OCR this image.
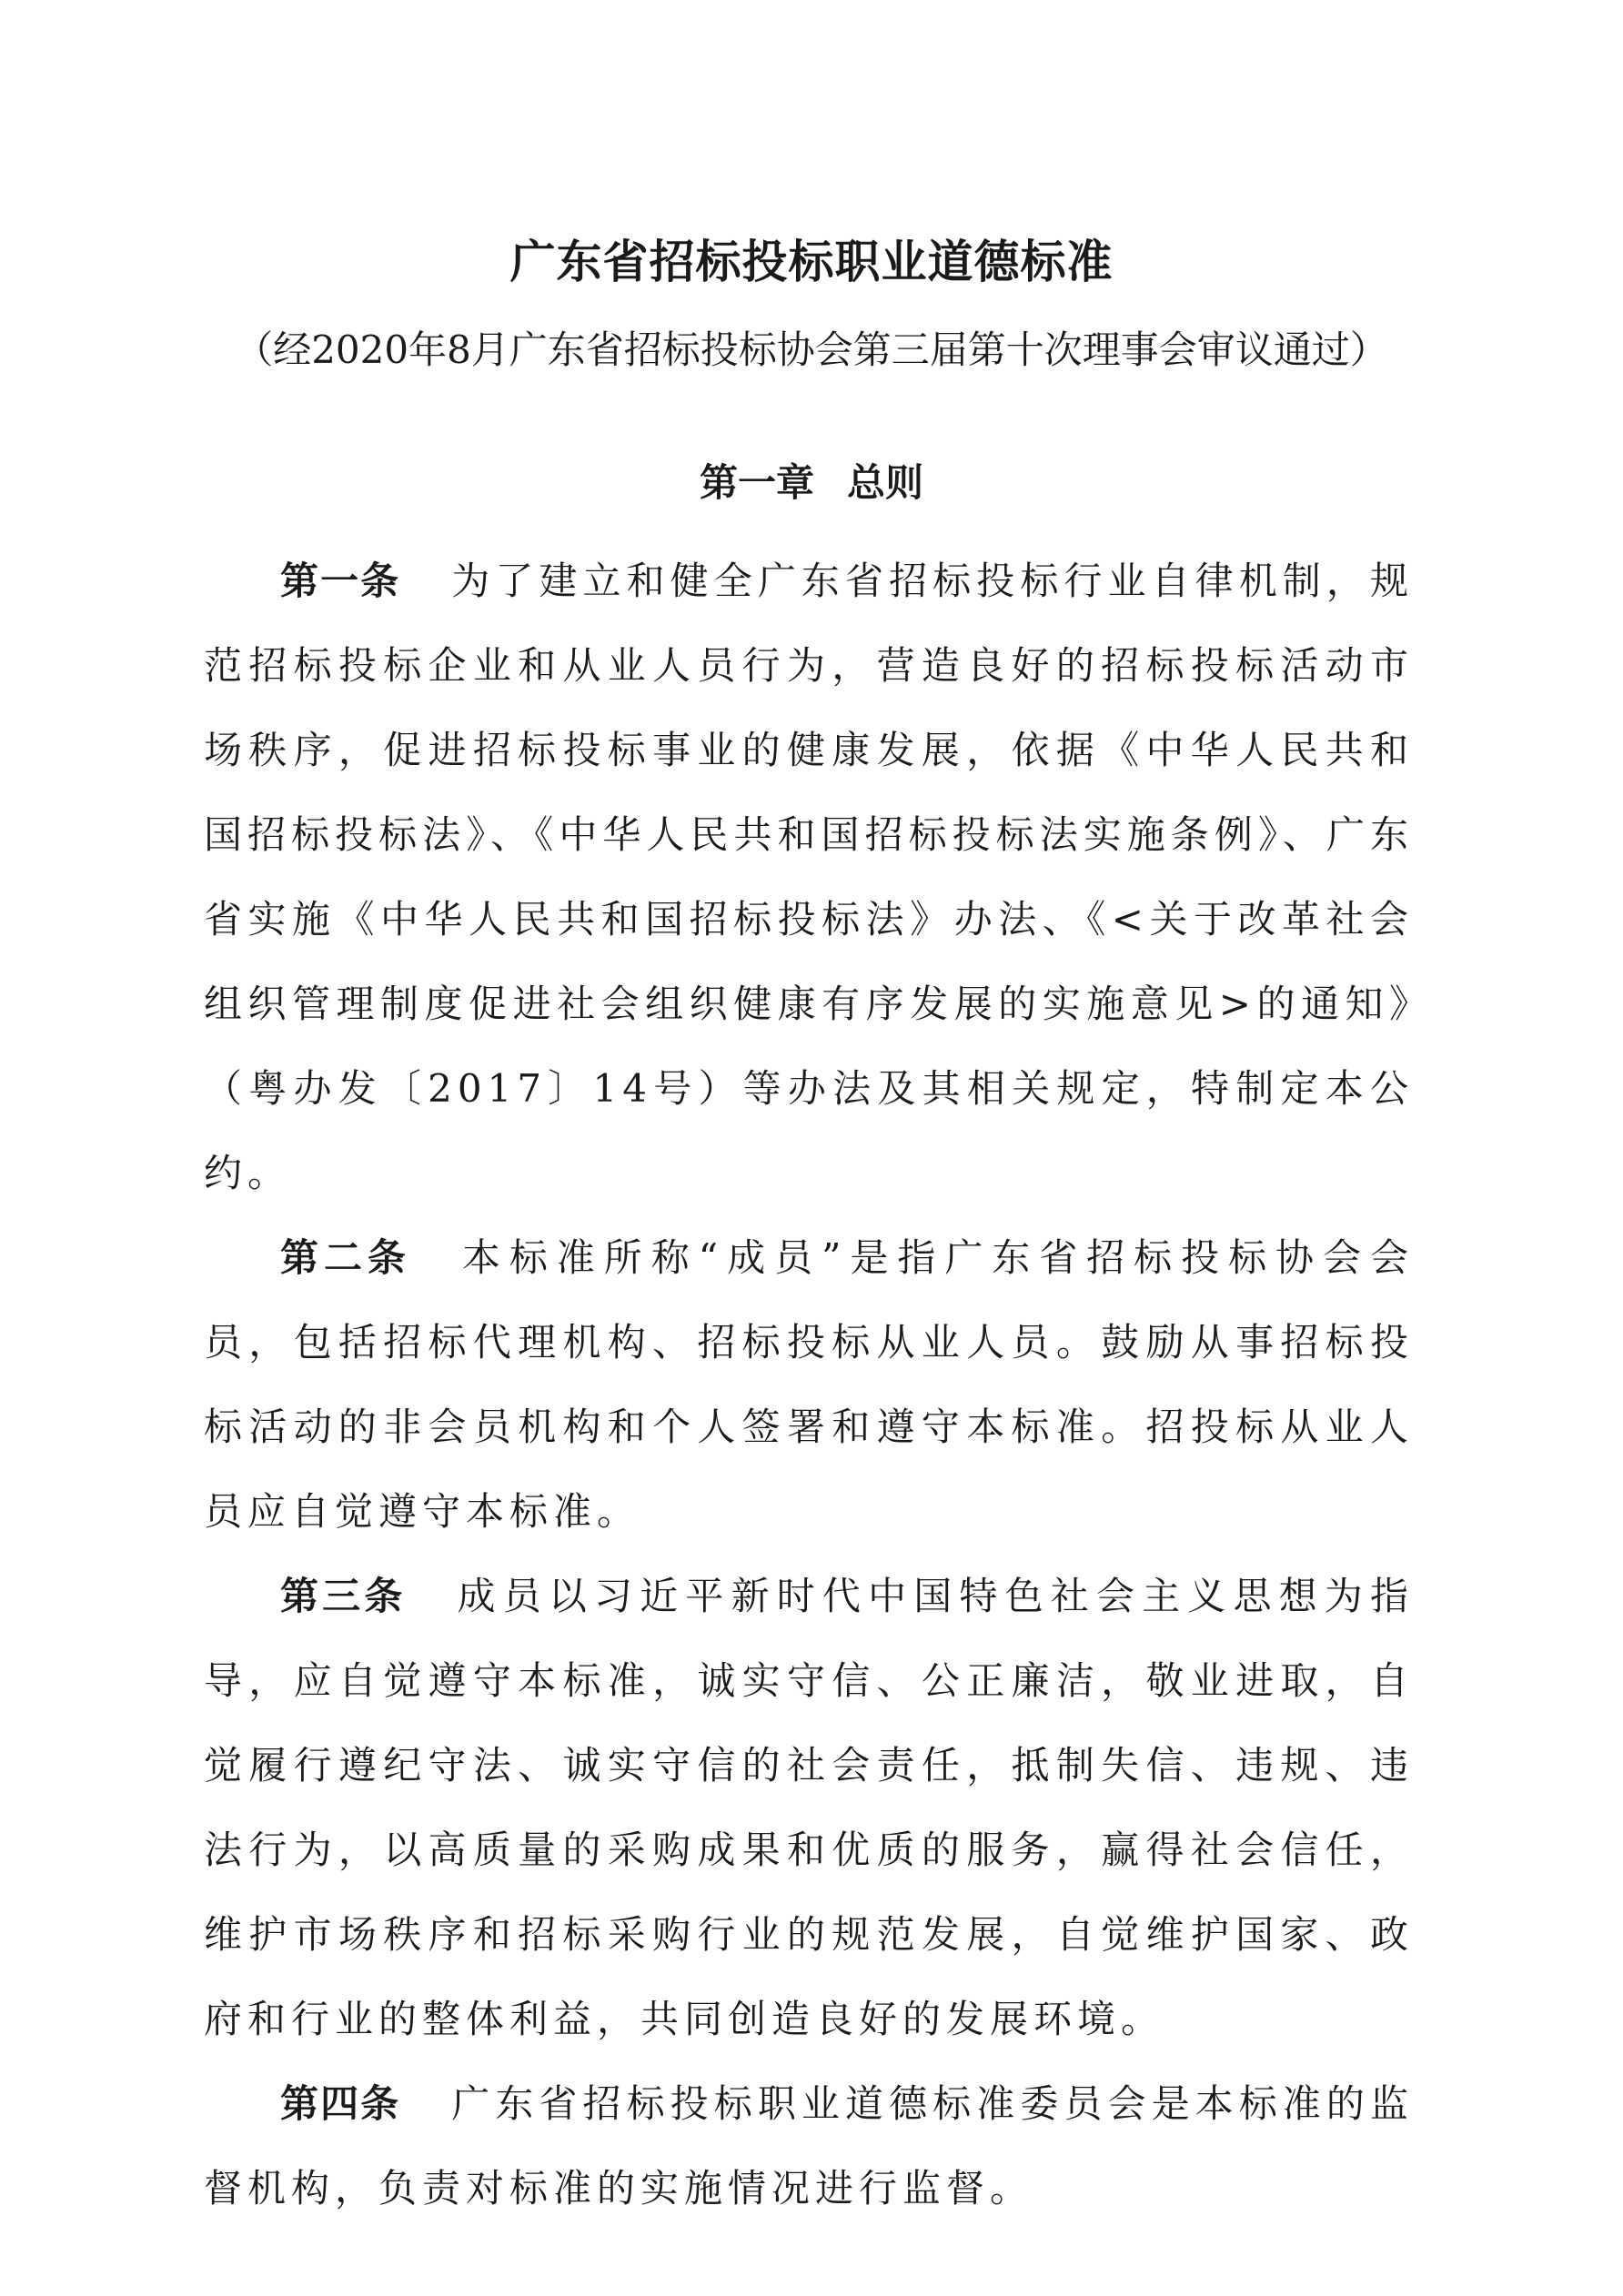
广东省招标投标职业道德标准

（经2020年8月广东省招标投标协会第三届第十次理事会审议通过）

第一章 总则

第一条 为了建立和健全广东省招标投标行业自律机制，规范招标投标企业和从业人员行为，营造良好的招标投标活动市场秩序，促进招标投标事业的健康发展，依据《中华人民共和国招标投标法》、《中华人民共和国招标投标法实施条例》、广东省实施《中华人民共和国招标投标法》办法、《<关于改革社会组织管理制度促进社会组织健康有序发展的实施意见>的通知》（粤办发〔2017〕14号）等办法及其相关规定，特制定本公约。

第二条 本标准所称“成员”是指广东省招标投标协会会员，包括招标代理机构、招标投标从业人员。鼓励从事招标投标活动的非会员机构和个人签署和遵守本标准。招投标从业人员应自觉遵守本标准。

第三条 成员以习近平新时代中国特色社会主义思想为指导，应自觉遵守本标准，诚实守信、公正廉洁，敬业进取，自觉履行遵纪守法、诚实守信的社会责任，抵制失信、违规、违法行为，以高质量的采购成果和优质的服务，赢得社会信任，维护市场秩序和招标采购行业的规范发展，自觉维护国家、政府和行业的整体利益，共同创造良好的发展环境。

第四条 广东省招标投标职业道德标准委员会是本标准的监督机构，负责对标准的实施情况进行监督。
